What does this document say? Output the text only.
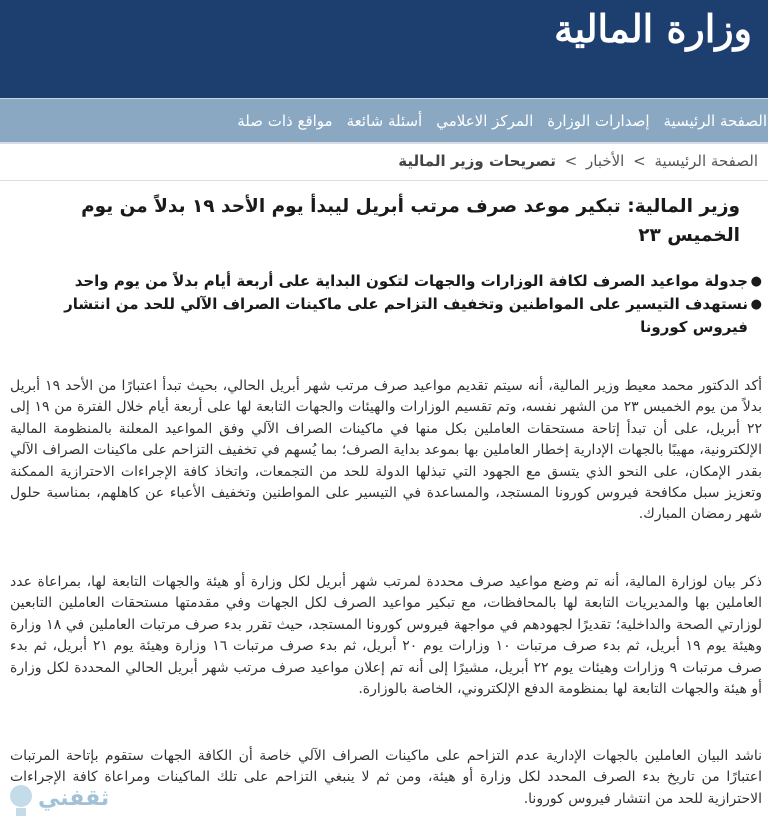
وزارة المالية
الصفحة الرئيسية
إصدارات الوزارة
المركز الاعلامي
أسئلة شائعة
مواقع ذات صلة
الصفحة الرئيسية > الأخبار > تصريحات وزير المالية
وزير المالية: تبكير موعد صرف مرتب أبريل ليبدأ يوم الأحد ١٩ بدلاً من يوم الخميس ٢٣
●
جدولة مواعيد الصرف لكافة الوزارات والجهات لتكون البداية على أربعة أيام بدلاً من يوم واحد
●
نستهدف التيسير على المواطنين وتخفيف التزاحم على ماكينات الصراف الآلي للحد من انتشار فيروس كورونا

أكد الدكتور محمد معيط وزير المالية، أنه سيتم تقديم مواعيد صرف مرتب شهر أبريل الحالي، بحيث تبدأ اعتبارًا من الأحد ١٩ أبريل بدلاً من يوم الخميس ٢٣ من الشهر نفسه، وتم تقسيم الوزارات والهيئات والجهات التابعة لها على أربعة أيام خلال الفترة من ١٩ إلى ٢٢ أبريل، على أن تبدأ إتاحة مستحقات العاملين بكل منها في ماكينات الصراف الآلي وفق المواعيد المعلنة بالمنظومة المالية الإلكترونية، مهيبًا بالجهات الإدارية إخطار العاملين بها بموعد بداية الصرف؛ بما يُسهم في تخفيف التزاحم على ماكينات الصراف الآلي بقدر الإمكان، على النحو الذي يتسق مع الجهود التي تبذلها الدولة للحد من التجمعات، واتخاذ كافة الإجراءات الاحترازية الممكنة وتعزيز سبل مكافحة فيروس كورونا المستجد، والمساعدة في التيسير على المواطنين وتخفيف الأعباء عن كاهلهم، بمناسبة حلول شهر رمضان المبارك.

ذكر بيان لوزارة المالية، أنه تم وضع مواعيد صرف محددة لمرتب شهر أبريل لكل وزارة أو هيئة والجهات التابعة لها، بمراعاة عدد العاملين بها والمديريات التابعة لها بالمحافظات، مع تبكير مواعيد الصرف لكل الجهات وفي مقدمتها مستحقات العاملين التابعين لوزارتي الصحة والداخلية؛ تقديرًا لجهودهم في مواجهة فيروس كورونا المستجد، حيث تقرر بدء صرف مرتبات العاملين في ١٨ وزارة وهيئة يوم ١٩ أبريل، ثم بدء صرف مرتبات ١٠ وزارات يوم ٢٠ أبريل، ثم بدء صرف مرتبات ١٦ وزارة وهيئة يوم ٢١ أبريل، ثم بدء صرف مرتبات ٩ وزارات وهيئات يوم ٢٢ أبريل، مشيرًا إلى أنه تم إعلان مواعيد صرف مرتب شهر أبريل الحالي المحددة لكل وزارة أو هيئة والجهات التابعة لها بمنظومة الدفع الإلكتروني، الخاصة بالوزارة.

ناشد البيان العاملين بالجهات الإدارية عدم التزاحم على ماكينات الصراف الآلي خاصة أن الكافة الجهات ستقوم بإتاحة المرتبات اعتبارًا من تاريخ بدء الصرف المحدد لكل وزارة أو هيئة، ومن ثم لا ينبغي التزاحم على تلك الماكينات ومراعاة كافة الإجراءات الاحترازية للحد من انتشار فيروس كورونا.

ثقفني
